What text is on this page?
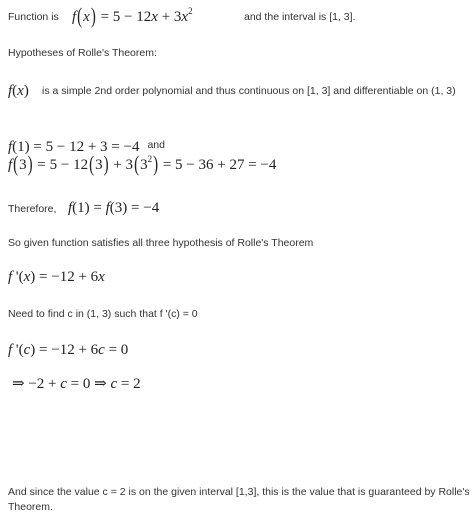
Function is $f(x) = 5 - 12x + 3x^2$	and the interval is [1, 3].
Hypotheses of Rolle's Theorem:
f(x)	is a simple 2nd order polynomial and thus continuous on [1, 3] and differentiable on (1, 3)
f(1) = 5 − 12 + 3 = −4 $^{and}$
$f(3) = 5 - 12(3) + 3(3^2) = 5 - 36 + 27 = -4$
Therefore, f(1) = f(3) = −4
So given function satisfies all three hypothesis of Rolle's Theorem
f '(x) = −12 + 6x
Need to find c in (1, 3) such that f '(c) = 0
f '(c) = −12 + 6c = 0
⇒ −2 + c = 0 ⇒ c = 2
And since the value c = 2 is on the given interval [1,3], this is the value that is guaranteed by Rolle's Theorem.
